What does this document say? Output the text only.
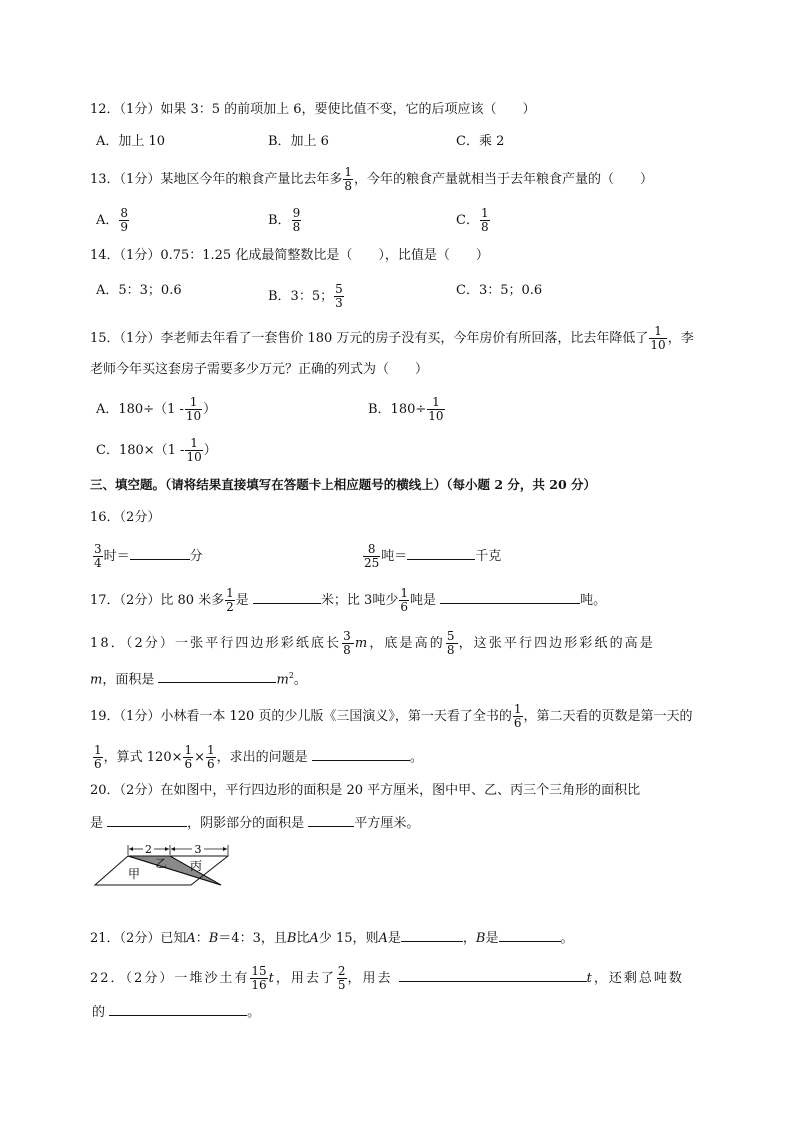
12．（1分）如果 3：5 的前项加上 6，要使比值不变，它的后项应该（　　）
A．加上 10	B．加上 6	C．乘 2
13．（1分）某地区今年的粮食产量比去年多 $\frac{1}{8}$ ，今年的粮食产量就相当于去年粮食产量的（　　）
A． $\frac{8}{9}$	B． $\frac{9}{8}$	C． $\frac{1}{8}$
14．（1分）0.75：1.25 化成最简整数比是（　　），比值是（　　）
A．5：3；0.6	B．3：5； $\frac{5}{3}$	C．3：5；0.6
15．（1分）李老师去年看了一套售价 180 万元的房子没有买，今年房价有所回落，比去年降低了 $\frac{1}{10}$ ，李
老师今年买这套房子需要多少万元？正确的列式为（　　）
A．$180\div(1 - \frac{1}{10}$ ）	B．$180\div \frac{1}{10}$
C．$180\times(1 - \frac{1}{10}$ ）
三、填空题。（请将结果直接填写在答题卡上相应题号的横线上）（每小题 2 分，共 20 分）
16．（2分）
$\frac{3}{4}$ 时＝	分	$\frac{8}{25}$ 吨＝	千克
17．（2分）比 80 米多 $\frac{1}{2}$ 是	米；比 3吨少 $\frac{1}{6}$ 吨是	吨。
18．（2分）一张平行四边形彩纸底长 $\frac{3}{8}$ m，底是高的 $\frac{5}{8}$ ，这张平行四边形彩纸的高是
m，面积是	$m^2$。
19．（1分）小林看一本 120 页的少儿版《三国演义》，第一天看了全书的 $\frac{1}{6}$ ，第二天看的页数是第一天的
$\frac{1}{6}$ ，算式 $120\times \frac{1}{6} \times \frac{1}{6}$ ，求出的问题是	。
20．（2分）在如图中，平行四边形的面积是 20 平方厘米，图中甲、乙、丙三个三角形的面积比
是	，阴影部分的面积是	平方厘米。
2	3
甲
乙 丙
21．（2分）已知A：B＝4：3，且B比A少 15，则A是	，B是	。
22．（2分）一堆沙土有 $\frac{15}{16}$ t，用去了 $\frac{2}{5}$ ，用去	t，还剩总吨数
的	。
